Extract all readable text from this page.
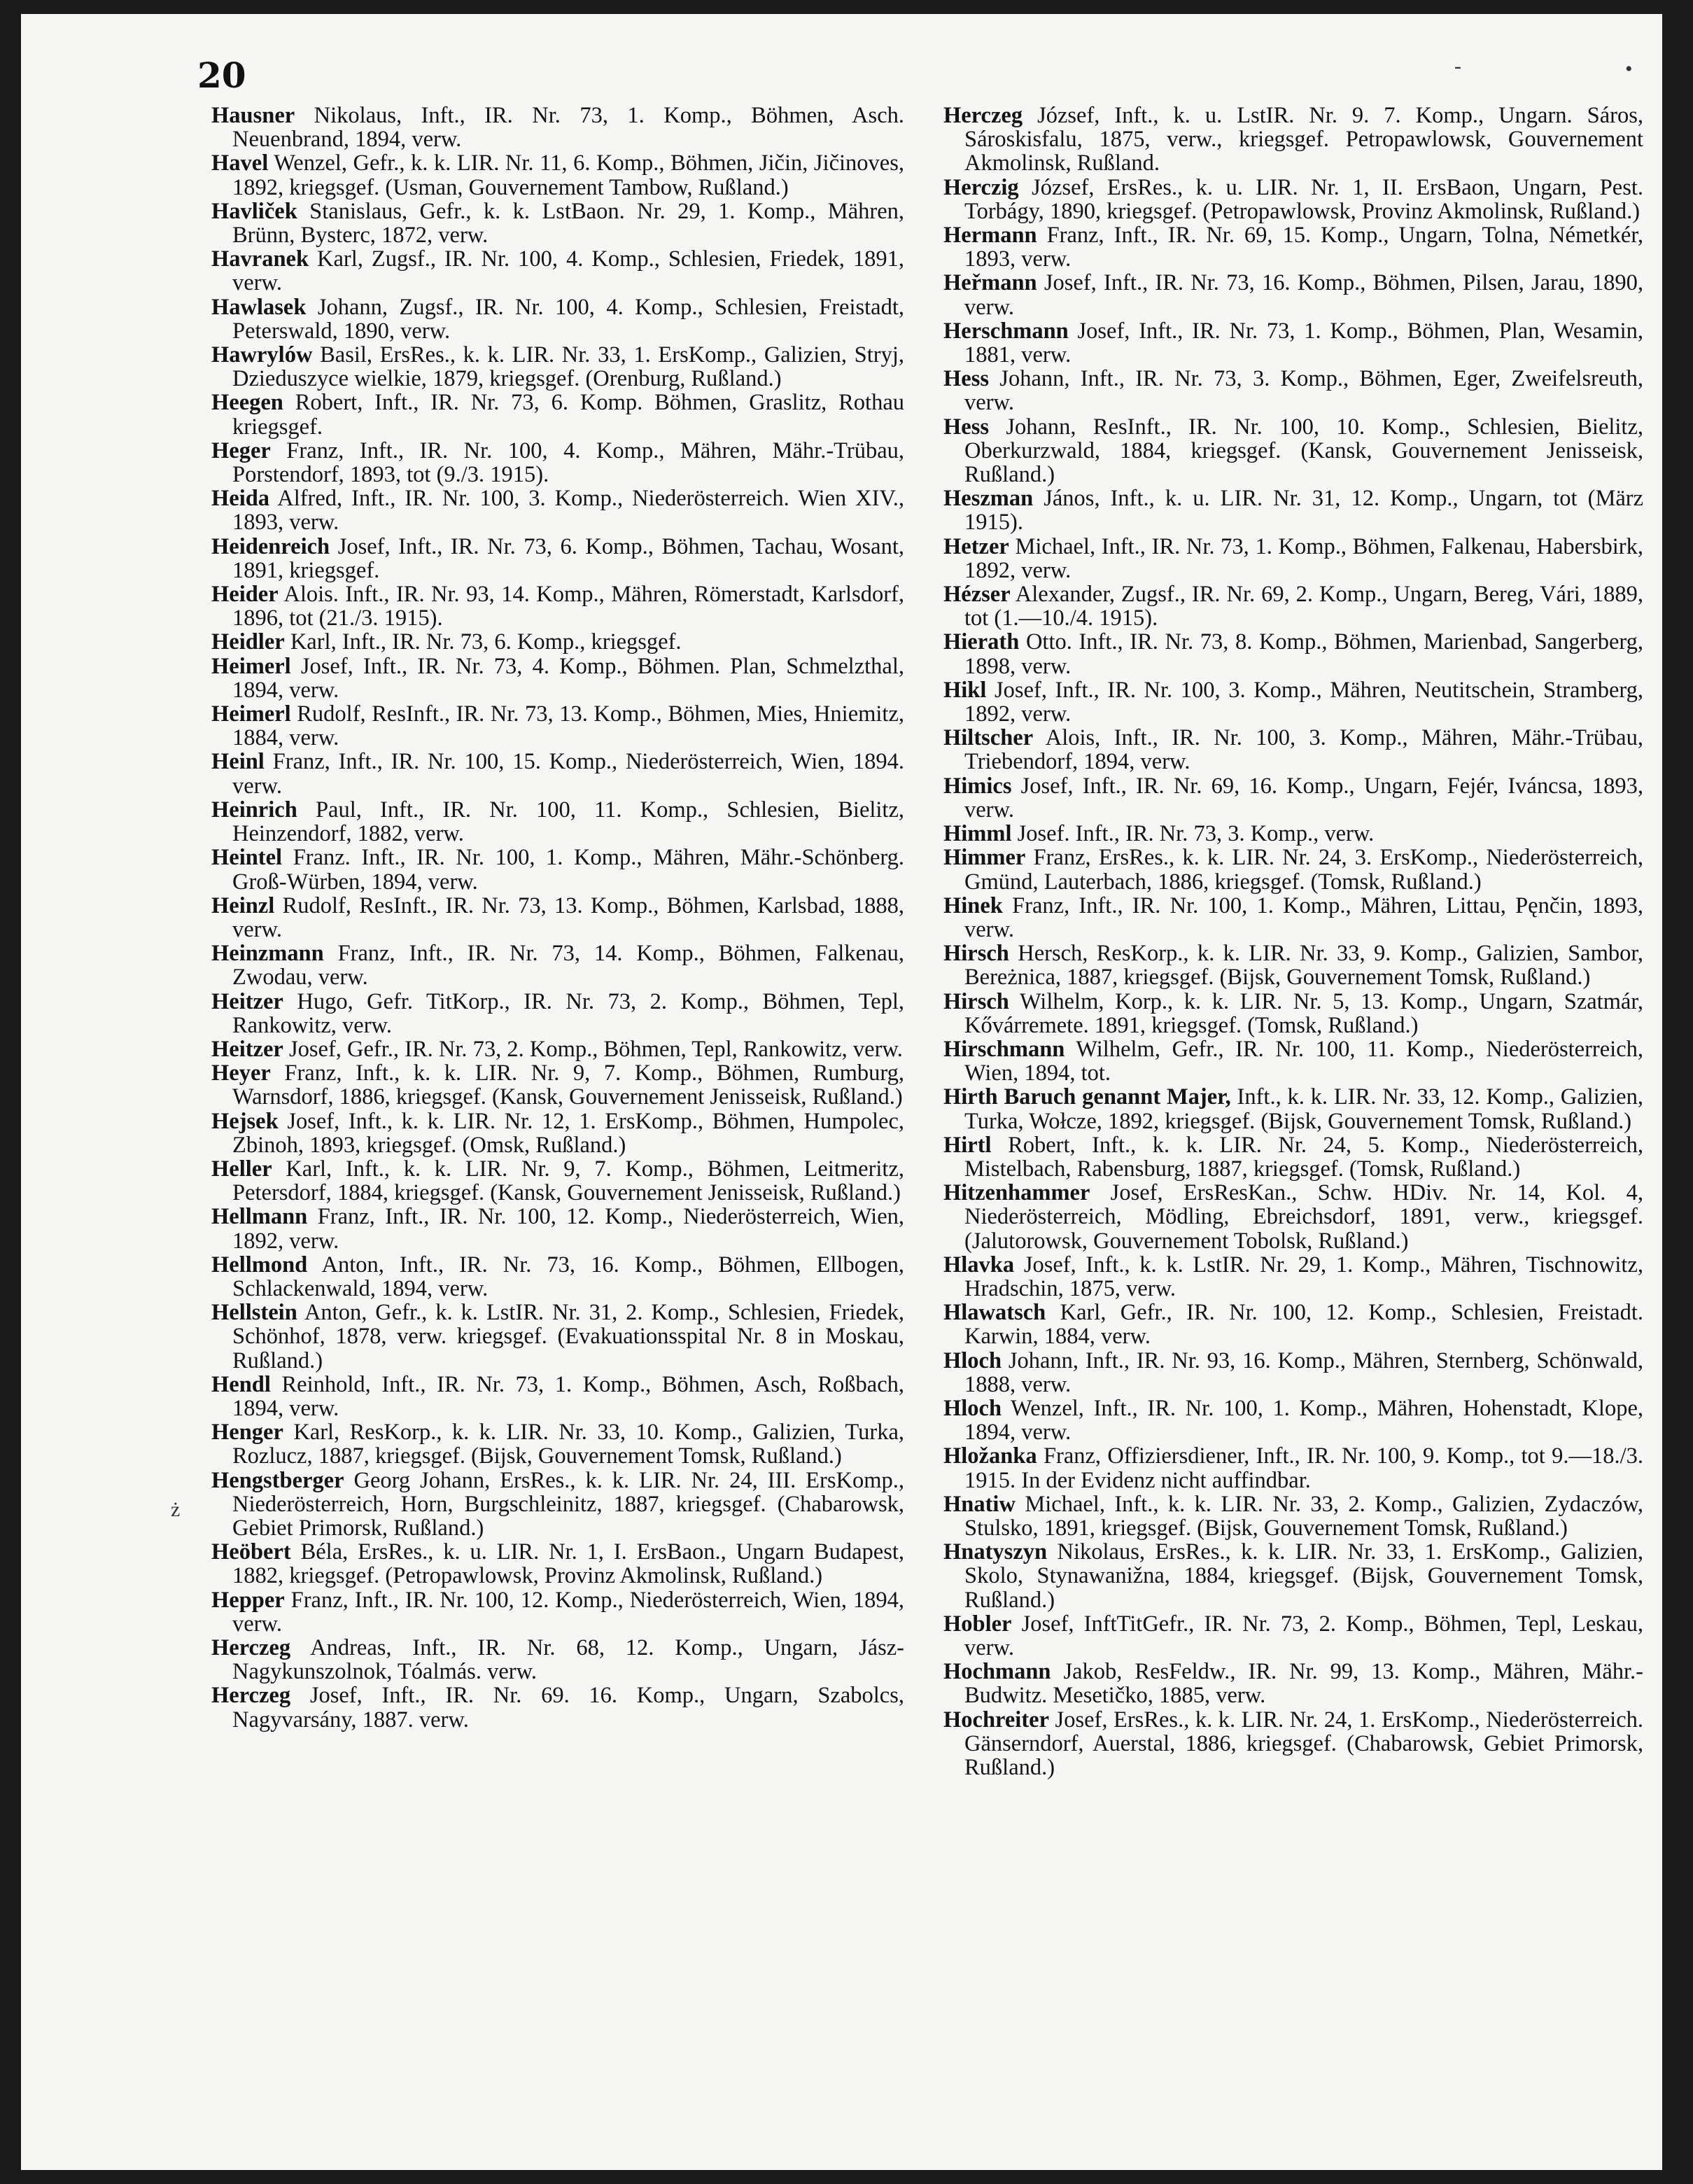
20	-	•
ż

Hausner Nikolaus, Inft., IR. Nr. 73, 1. Komp., Böhmen, Asch. Neuenbrand, 1894, verw.

Havel Wenzel, Gefr., k. k. LIR. Nr. 11, 6. Komp., Böhmen, Jičin, Jičinoves, 1892, kriegsgef. (Usman, Gouvernement Tambow, Rußland.)

Havliček Stanislaus, Gefr., k. k. LstBaon. Nr. 29, 1. Komp., Mähren, Brünn, Bysterc, 1872, verw.

Havranek Karl, Zugsf., IR. Nr. 100, 4. Komp., Schlesien, Friedek, 1891, verw.

Hawlasek Johann, Zugsf., IR. Nr. 100, 4. Komp., Schlesien, Freistadt, Peterswald, 1890, verw.

Hawrylów Basil, ErsRes., k. k. LIR. Nr. 33, 1. ErsKomp., Galizien, Stryj, Dzieduszyce wielkie, 1879, kriegsgef. (Orenburg, Rußland.)

Heegen Robert, Inft., IR. Nr. 73, 6. Komp. Böhmen, Graslitz, Rothau kriegsgef.

Heger Franz, Inft., IR. Nr. 100, 4. Komp., Mähren, Mähr.-Trübau, Porstendorf, 1893, tot (9./3. 1915).

Heida Alfred, Inft., IR. Nr. 100, 3. Komp., Niederösterreich. Wien XIV., 1893, verw.

Heidenreich Josef, Inft., IR. Nr. 73, 6. Komp., Böhmen, Tachau, Wosant, 1891, kriegsgef.

Heider Alois. Inft., IR. Nr. 93, 14. Komp., Mähren, Römerstadt, Karlsdorf, 1896, tot (21./3. 1915).

Heidler Karl, Inft., IR. Nr. 73, 6. Komp., kriegsgef.

Heimerl Josef, Inft., IR. Nr. 73, 4. Komp., Böhmen. Plan, Schmelzthal, 1894, verw.

Heimerl Rudolf, ResInft., IR. Nr. 73, 13. Komp., Böhmen, Mies, Hniemitz, 1884, verw.

Heinl Franz, Inft., IR. Nr. 100, 15. Komp., Niederösterreich, Wien, 1894. verw.

Heinrich Paul, Inft., IR. Nr. 100, 11. Komp., Schlesien, Bielitz, Heinzendorf, 1882, verw.

Heintel Franz. Inft., IR. Nr. 100, 1. Komp., Mähren, Mähr.-Schönberg. Groß-Würben, 1894, verw.

Heinzl Rudolf, ResInft., IR. Nr. 73, 13. Komp., Böhmen, Karlsbad, 1888, verw.

Heinzmann Franz, Inft., IR. Nr. 73, 14. Komp., Böhmen, Falkenau, Zwodau, verw.

Heitzer Hugo, Gefr. TitKorp., IR. Nr. 73, 2. Komp., Böhmen, Tepl, Rankowitz, verw.

Heitzer Josef, Gefr., IR. Nr. 73, 2. Komp., Böhmen, Tepl, Rankowitz, verw.

Heyer Franz, Inft., k. k. LIR. Nr. 9, 7. Komp., Böhmen, Rumburg, Warnsdorf, 1886, kriegsgef. (Kansk, Gouvernement Jenisseisk, Rußland.)

Hejsek Josef, Inft., k. k. LIR. Nr. 12, 1. ErsKomp., Böhmen, Humpolec, Zbinoh, 1893, kriegsgef. (Omsk, Rußland.)

Heller Karl, Inft., k. k. LIR. Nr. 9, 7. Komp., Böhmen, Leitmeritz, Petersdorf, 1884, kriegsgef. (Kansk, Gouvernement Jenisseisk, Rußland.)

Hellmann Franz, Inft., IR. Nr. 100, 12. Komp., Niederösterreich, Wien, 1892, verw.

Hellmond Anton, Inft., IR. Nr. 73, 16. Komp., Böhmen, Ellbogen, Schlackenwald, 1894, verw.

Hellstein Anton, Gefr., k. k. LstIR. Nr. 31, 2. Komp., Schlesien, Friedek, Schönhof, 1878, verw. kriegsgef. (Evakuationsspital Nr. 8 in Moskau, Rußland.)

Hendl Reinhold, Inft., IR. Nr. 73, 1. Komp., Böhmen, Asch, Roßbach, 1894, verw.

Henger Karl, ResKorp., k. k. LIR. Nr. 33, 10. Komp., Galizien, Turka, Rozlucz, 1887, kriegsgef. (Bijsk, Gouvernement Tomsk, Rußland.)

Hengstberger Georg Johann, ErsRes., k. k. LIR. Nr. 24, III. ErsKomp., Niederösterreich, Horn, Burgschleinitz, 1887, kriegsgef. (Chabarowsk, Gebiet Primorsk, Rußland.)

Heöbert Béla, ErsRes., k. u. LIR. Nr. 1, I. ErsBaon., Ungarn Budapest, 1882, kriegsgef. (Petropawlowsk, Provinz Akmolinsk, Rußland.)

Hepper Franz, Inft., IR. Nr. 100, 12. Komp., Niederösterreich, Wien, 1894, verw.

Herczeg Andreas, Inft., IR. Nr. 68, 12. Komp., Ungarn, Jász-Nagykunszolnok, Tóalmás. verw.

Herczeg Josef, Inft., IR. Nr. 69. 16. Komp., Ungarn, Szabolcs, Nagyvarsány, 1887. verw.

Herczeg József, Inft., k. u. LstIR. Nr. 9. 7. Komp., Ungarn. Sáros, Sároskisfalu, 1875, verw., kriegsgef. Petropawlowsk, Gouvernement Akmolinsk, Rußland.

Herczig József, ErsRes., k. u. LIR. Nr. 1, II. ErsBaon, Ungarn, Pest. Torbágy, 1890, kriegsgef. (Petropawlowsk, Provinz Akmolinsk, Rußland.)

Hermann Franz, Inft., IR. Nr. 69, 15. Komp., Ungarn, Tolna, Németkér, 1893, verw.

Heřmann Josef, Inft., IR. Nr. 73, 16. Komp., Böhmen, Pilsen, Jarau, 1890, verw.

Herschmann Josef, Inft., IR. Nr. 73, 1. Komp., Böhmen, Plan, Wesamin, 1881, verw.

Hess Johann, Inft., IR. Nr. 73, 3. Komp., Böhmen, Eger, Zweifelsreuth, verw.

Hess Johann, ResInft., IR. Nr. 100, 10. Komp., Schlesien, Bielitz, Oberkurzwald, 1884, kriegsgef. (Kansk, Gouvernement Jenisseisk, Rußland.)

Heszman János, Inft., k. u. LIR. Nr. 31, 12. Komp., Ungarn, tot (März 1915).

Hetzer Michael, Inft., IR. Nr. 73, 1. Komp., Böhmen, Falkenau, Habersbirk, 1892, verw.

Hézser Alexander, Zugsf., IR. Nr. 69, 2. Komp., Ungarn, Bereg, Vári, 1889, tot (1.—10./4. 1915).

Hierath Otto. Inft., IR. Nr. 73, 8. Komp., Böhmen, Marienbad, Sangerberg, 1898, verw.

Hikl Josef, Inft., IR. Nr. 100, 3. Komp., Mähren, Neutitschein, Stramberg, 1892, verw.

Hiltscher Alois, Inft., IR. Nr. 100, 3. Komp., Mähren, Mähr.-Trübau, Triebendorf, 1894, verw.

Himics Josef, Inft., IR. Nr. 69, 16. Komp., Ungarn, Fejér, Iváncsa, 1893, verw.

Himml Josef. Inft., IR. Nr. 73, 3. Komp., verw.

Himmer Franz, ErsRes., k. k. LIR. Nr. 24, 3. ErsKomp., Niederösterreich, Gmünd, Lauterbach, 1886, kriegsgef. (Tomsk, Rußland.)

Hinek Franz, Inft., IR. Nr. 100, 1. Komp., Mähren, Littau, Pęnčin, 1893, verw.

Hirsch Hersch, ResKorp., k. k. LIR. Nr. 33, 9. Komp., Galizien, Sambor, Bereżnica, 1887, kriegsgef. (Bijsk, Gouvernement Tomsk, Rußland.)

Hirsch Wilhelm, Korp., k. k. LIR. Nr. 5, 13. Komp., Ungarn, Szatmár, Kővárremete. 1891, kriegsgef. (Tomsk, Rußland.)

Hirschmann Wilhelm, Gefr., IR. Nr. 100, 11. Komp., Niederösterreich, Wien, 1894, tot.

Hirth Baruch genannt Majer, Inft., k. k. LIR. Nr. 33, 12. Komp., Galizien, Turka, Wołcze, 1892, kriegsgef. (Bijsk, Gouvernement Tomsk, Rußland.)

Hirtl Robert, Inft., k. k. LIR. Nr. 24, 5. Komp., Niederösterreich, Mistelbach, Rabensburg, 1887, kriegsgef. (Tomsk, Rußland.)

Hitzenhammer Josef, ErsResKan., Schw. HDiv. Nr. 14, Kol. 4, Niederösterreich, Mödling, Ebreichsdorf, 1891, verw., kriegsgef. (Jalutorowsk, Gouvernement Tobolsk, Rußland.)

Hlavka Josef, Inft., k. k. LstIR. Nr. 29, 1. Komp., Mähren, Tischnowitz, Hradschin, 1875, verw.

Hlawatsch Karl, Gefr., IR. Nr. 100, 12. Komp., Schlesien, Freistadt. Karwin, 1884, verw.

Hloch Johann, Inft., IR. Nr. 93, 16. Komp., Mähren, Sternberg, Schönwald, 1888, verw.

Hloch Wenzel, Inft., IR. Nr. 100, 1. Komp., Mähren, Hohenstadt, Klope, 1894, verw.

Hložanka Franz, Offiziersdiener, Inft., IR. Nr. 100, 9. Komp., tot 9.—18./3. 1915. In der Evidenz nicht auffindbar.

Hnatiw Michael, Inft., k. k. LIR. Nr. 33, 2. Komp., Galizien, Zydaczów, Stulsko, 1891, kriegsgef. (Bijsk, Gouvernement Tomsk, Rußland.)

Hnatyszyn Nikolaus, ErsRes., k. k. LIR. Nr. 33, 1. ErsKomp., Galizien, Skolo, Stynawanižna, 1884, kriegsgef. (Bijsk, Gouvernement Tomsk, Rußland.)

Hobler Josef, InftTitGefr., IR. Nr. 73, 2. Komp., Böhmen, Tepl, Leskau, verw.

Hochmann Jakob, ResFeldw., IR. Nr. 99, 13. Komp., Mähren, Mähr.-Budwitz. Mesetičko, 1885, verw.

Hochreiter Josef, ErsRes., k. k. LIR. Nr. 24, 1. ErsKomp., Niederösterreich. Gänserndorf, Auerstal, 1886, kriegsgef. (Chabarowsk, Gebiet Primorsk, Rußland.)
